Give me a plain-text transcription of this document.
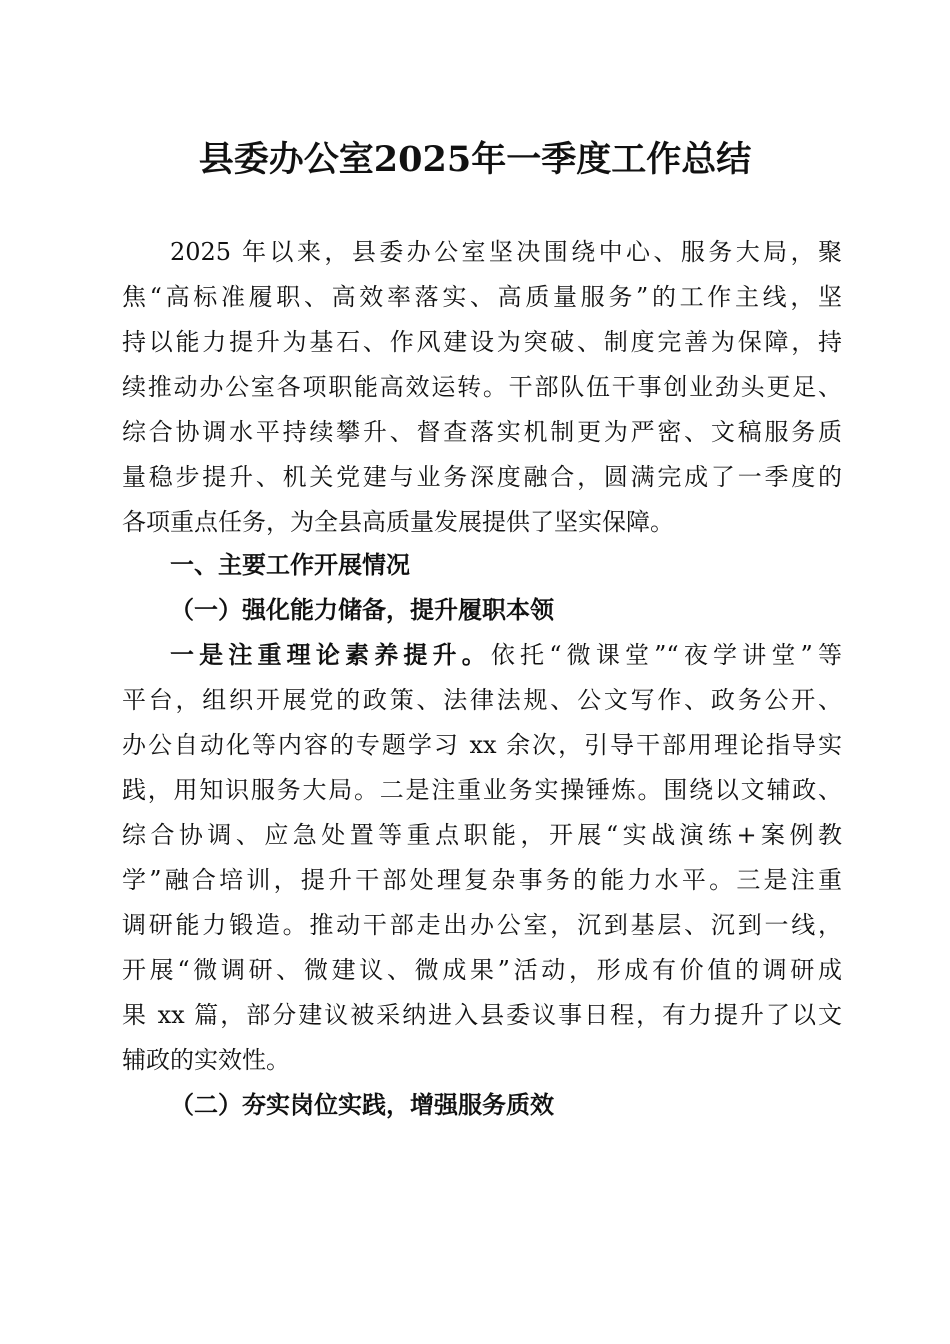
县委办公室2025年一季度工作总结
2025 年以来，县委办公室坚决围绕中心、服务大局，聚
焦“高标准履职、高效率落实、高质量服务”的工作主线，坚
持以能力提升为基石、作风建设为突破、制度完善为保障，持
续推动办公室各项职能高效运转。干部队伍干事创业劲头更足、
综合协调水平持续攀升、督查落实机制更为严密、文稿服务质
量稳步提升、机关党建与业务深度融合，圆满完成了一季度的
各项重点任务，为全县高质量发展提供了坚实保障。
一、主要工作开展情况
（一）强化能力储备，提升履职本领
一是注重理论素养提升。依托“微课堂”“夜学讲堂”等
平台，组织开展党的政策、法律法规、公文写作、政务公开、
办公自动化等内容的专题学习 xx 余次，引导干部用理论指导实
践，用知识服务大局。二是注重业务实操锤炼。围绕以文辅政、
综合协调、应急处置等重点职能，开展“实战演练+案例教
学”融合培训，提升干部处理复杂事务的能力水平。三是注重
调研能力锻造。推动干部走出办公室，沉到基层、沉到一线，
开展“微调研、微建议、微成果”活动，形成有价值的调研成
果 xx 篇，部分建议被采纳进入县委议事日程，有力提升了以文
辅政的实效性。
（二）夯实岗位实践，增强服务质效
